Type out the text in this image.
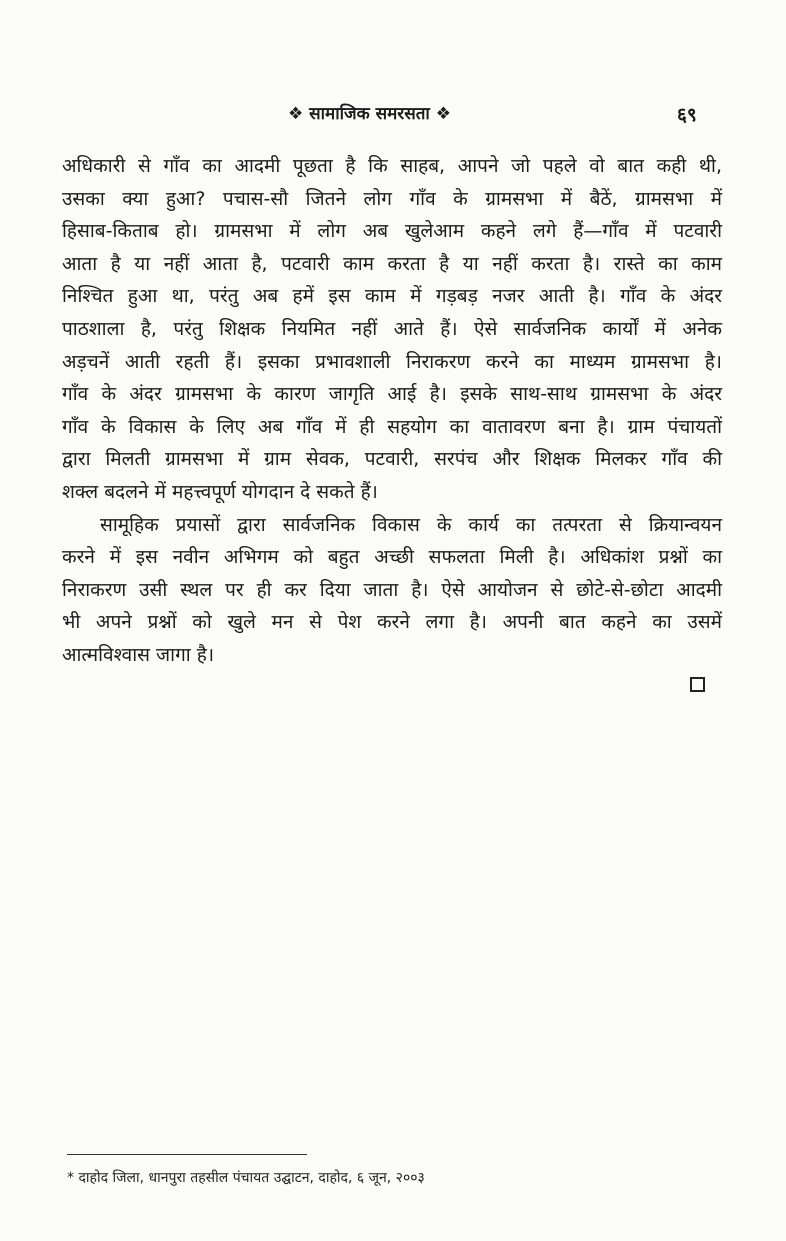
❖ सामाजिक समरसता ❖	६९
अधिकारी से गाँव का आदमी पूछता है कि साहब, आपने जो पहले वो बात कही थी,
उसका क्या हुआ? पचास-सौ जितने लोग गाँव के ग्रामसभा में बैठें, ग्रामसभा में
हिसाब-किताब हो। ग्रामसभा में लोग अब खुलेआम कहने लगे हैं—गाँव में पटवारी
आता है या नहीं आता है, पटवारी काम करता है या नहीं करता है। रास्ते का काम
निश्चित हुआ था, परंतु अब हमें इस काम में गड़बड़ नजर आती है। गाँव के अंदर
पाठशाला है, परंतु शिक्षक नियमित नहीं आते हैं। ऐसे सार्वजनिक कार्यों में अनेक
अड़चनें आती रहती हैं। इसका प्रभावशाली निराकरण करने का माध्यम ग्रामसभा है।
गाँव के अंदर ग्रामसभा के कारण जागृति आई है। इसके साथ-साथ ग्रामसभा के अंदर
गाँव के विकास के लिए अब गाँव में ही सहयोग का वातावरण बना है। ग्राम पंचायतों
द्वारा मिलती ग्रामसभा में ग्राम सेवक, पटवारी, सरपंच और शिक्षक मिलकर गाँव की
शक्ल बदलने में महत्त्वपूर्ण योगदान दे सकते हैं।
सामूहिक प्रयासों द्वारा सार्वजनिक विकास के कार्य का तत्परता से क्रियान्वयन
करने में इस नवीन अभिगम को बहुत अच्छी सफलता मिली है। अधिकांश प्रश्नों का
निराकरण उसी स्थल पर ही कर दिया जाता है। ऐसे आयोजन से छोटे-से-छोटा आदमी
भी अपने प्रश्नों को खुले मन से पेश करने लगा है। अपनी बात कहने का उसमें
आत्मविश्वास जागा है।
* दाहोद जिला, धानपुरा तहसील पंचायत उद्घाटन, दाहोद, ६ जून, २००३
